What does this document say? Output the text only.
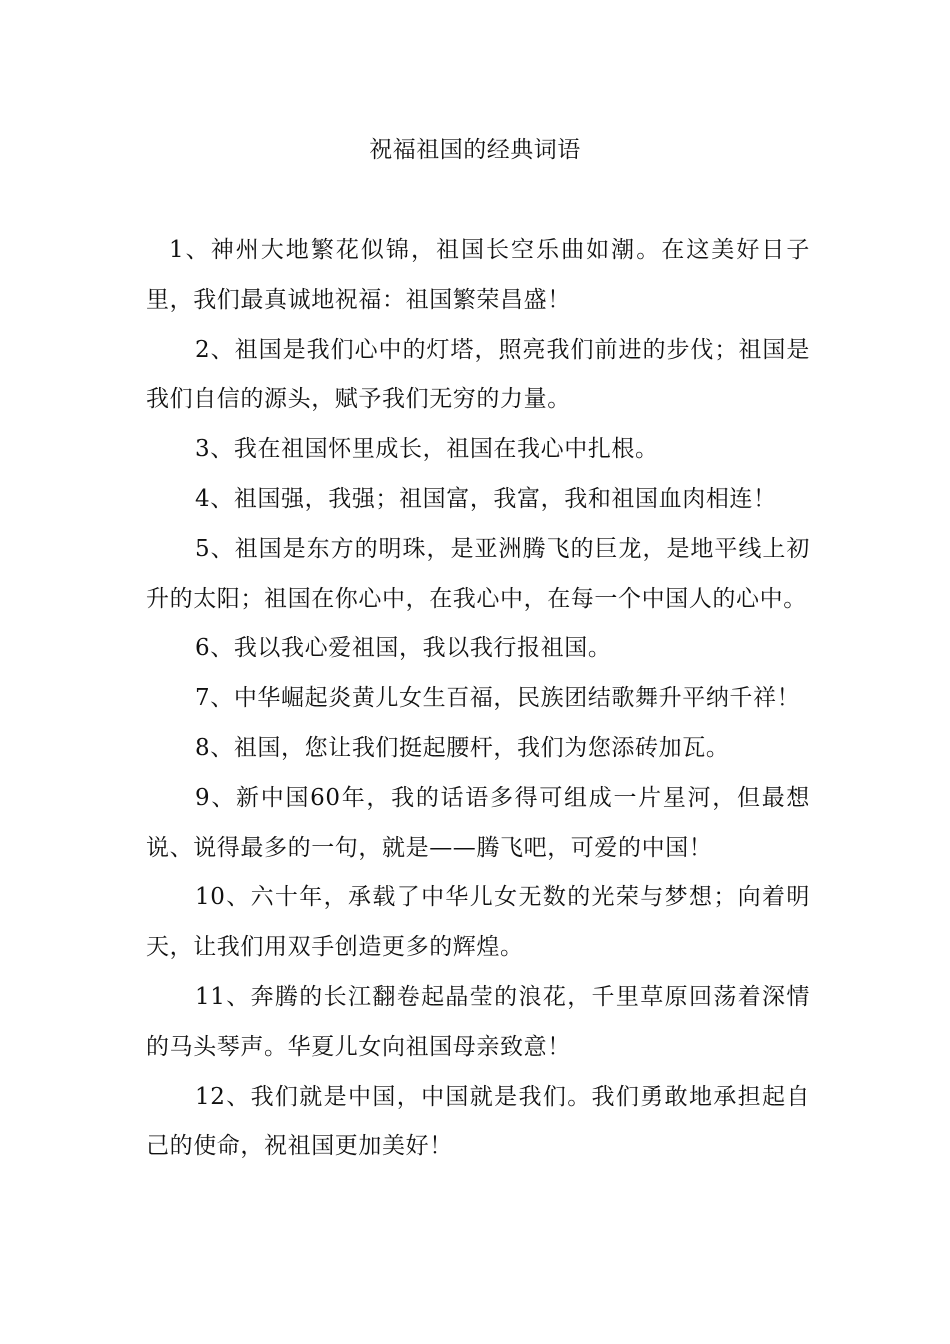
祝福祖国的经典词语

1、神州大地繁花似锦，祖国长空乐曲如潮。在这美好日子里，我们最真诚地祝福：祖国繁荣昌盛！

2、祖国是我们心中的灯塔，照亮我们前进的步伐；祖国是我们自信的源头，赋予我们无穷的力量。

3、我在祖国怀里成长，祖国在我心中扎根。

4、祖国强，我强；祖国富，我富，我和祖国血肉相连！

5、祖国是东方的明珠，是亚洲腾飞的巨龙，是地平线上初升的太阳；祖国在你心中，在我心中，在每一个中国人的心中。

6、我以我心爱祖国，我以我行报祖国。

7、中华崛起炎黄儿女生百福，民族团结歌舞升平纳千祥！

8、祖国，您让我们挺起腰杆，我们为您添砖加瓦。

9、新中国60年，我的话语多得可组成一片星河，但最想说、说得最多的一句，就是——腾飞吧，可爱的中国！

10、六十年，承载了中华儿女无数的光荣与梦想；向着明天，让我们用双手创造更多的辉煌。

11、奔腾的长江翻卷起晶莹的浪花，千里草原回荡着深情的马头琴声。华夏儿女向祖国母亲致意！

12、我们就是中国，中国就是我们。我们勇敢地承担起自己的使命，祝祖国更加美好！
